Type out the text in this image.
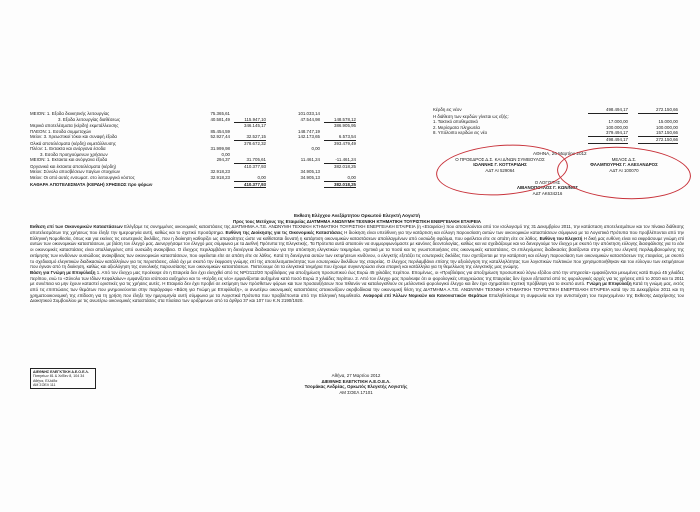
ΜΕΙΟΝ: 1. Εξοδα διοικητικής λειτουργίας	75.365,61	101.033,14
3. Εξοδα λειτουργίας διαθέσεως	40.581,49	115.947,10	47.544,98	148.578,12
Μερικά αποτελέσματα (κέρδη) εκμετάλλευσης	346.145,17	386.905,95
ΠΛΕΟΝ: 1. Εσοδα συμμετοχών	85.454,59	148.747,19
Μείον: 3. Χρεωστικοί τόκοι και συναφή έξοδα	52.927,44	32.527,15	142.173,65	6.573,54
Ολικά αποτελέσματα (κέρδη) εκμετάλλευσης	378.672,32	393.479,49
Πλέον: 1. Εκτακτα και ανόργανα έσοδα	31.999,98	0,00
3. Εσοδα προηγούμενων χρήσεων	0,00
ΜΕΙΟΝ: 1. Εκτακτα και ανόργανα έξοδα	294,37	31.705,61	11.461,24	-11.461,24
Οργανικά και έκτακτα αποτελέσματα (κέρδη)	410.377,93	382.018,25
Μείον: Σύνολο αποσβέσεων παγίων στοιχείων	32.918,23	34.905,13
Μείον: Οι από αυτές ενσωματ. στο λειτουργικό κόστος	32.918,23	0,00	34.905,13	0,00
ΚΑΘΑΡΑ ΑΠΟΤΕΛΕΣΜΑΤΑ (ΚΕΡΔΗ) ΧΡΗΣΕΩΣ προ φόρων	410.377,93	382.018,25
Κέρδη εις νέον	498.494,17	272.150,66
Η διάθεση των κερδών γίνεται ως εξής:
1. Τακτικό αποθεματικό	17.000,00	15.000,00
2. Μερίσματα πληρωτέα	100.000,00	100.000,00
8. Υπόλοιπο κερδών εις νέο	379.494,17	157.150,66
498.494,17	272.150,66
ΑΘΗΝΑ, 26 Μαρτίου 2012
Ο ΠΡΟΕΔΡΟΣ Δ.Σ. ΚΑΙ Δ/ΝΩΝ ΣΥΜΒΟΥΛΟΣ
ΙΩΑΝΝΗΣ Γ. ΚΟΤΤΑΡΙΔΗΣ
ΑΔΤ ΑΙ 529064
ΜΕΛΟΣ Δ.Σ.
ΦΛΑΜΠΟΥΡΗΣ Γ. ΑΛΕΞΑΝΔΡΟΣ
ΑΔΤ ΑΙ 100070
Ο ΛΟΓΙΣΤΗΣ
ΛΙΒΑΝΟΠΟΥΛΟΣ Γ. ΚΩΝ/ΝΟΣ
ΑΔΤ ΑΚ634216
Εκθεση Ελέγχου Ανεξάρτητου Ορκωτού Ελεγκτή Λογιστή
Προς τους Μετόχους της Εταιρείας ΔΙΑΤΜΗΜΑ ΑΝΩΝΥΜΗ ΤΕΧΝΙΚΗ ΚΤΗΜΑΤΙΚΗ ΤΟΥΡΙΣΤΙΚΗ ΕΝΕΡΓΕΙΑΚΗ ΕΤΑΙΡΕΙΑ

Εκθεση επί των Οικονομικών Καταστάσεων Ελέγξαμε τις συνημμένες οικονομικές καταστάσεις της ΔΙΑΤΜΗΜΑ Α.Τ.Ε. ΑΝΩΝΥΜΗ ΤΕΧΝΙΚΗ ΚΤΗΜΑΤΙΚΗ ΤΟΥΡΙΣΤΙΚΗ ΕΝΕΡΓΕΙΑΚΗ ΕΤΑΙΡΕΙΑ (η «Εταιρεία») που αποτελούνται από τον ισολογισμό της 31 Δεκεμβρίου 2011, την κατάσταση αποτελεσμάτων και τον πίνακα διάθεσης αποτελεσμάτων της χρήσεως που έληξε την ημερομηνία αυτή, καθώς και το σχετικό προσάρτημα. Ευθύνη της Διοίκησης για τις Οικονομικές Καταστάσεις Η διοίκηση είναι υπεύθυνη για την κατάρτιση και εύλογη παρουσίαση αυτών των οικονομικών καταστάσεων σύμφωνα με τα Λογιστικά Πρότυπα που προβλέπονται από την Ελληνική Νομοθεσία, όπως και για εκείνες τις εσωτερικές δικλίδες, που η διοίκηση καθορίζει ως απαραίτητες ώστε να καθίσταται δυνατή η κατάρτιση οικονομικών καταστάσεων απαλλαγμένων από ουσιώδη σφάλμα, που οφείλεται είτε σε απάτη είτε σε λάθος. Ευθύνη του Ελεγκτή Η δική μας ευθύνη είναι να εκφράσουμε γνώμη επί αυτών των οικονομικών καταστάσεων, με βάση τον έλεγχό μας. Διενεργήσαμε τον έλεγχό μας σύμφωνα με τα Διεθνή Πρότυπα της Ελεγκτικής. Τα Πρότυπα αυτά απαιτούν να συμμορφωνόμαστε με κανόνες δεοντολογίας, καθώς και να σχεδιάζουμε και να διενεργούμε τον έλεγχο με σκοπό την απόκτηση εύλογης διασφάλισης για το εάν οι οικονομικές καταστάσεις είναι απαλλαγμένες από ουσιώδη ανακρίβεια. Ο έλεγχος περιλαμβάνει τη διενέργεια διαδικασιών για την απόκτηση ελεγκτικών τεκμηρίων, σχετικά με τα ποσά και τις γνωστοποιήσεις στις οικονομικές καταστάσεις. Οι επιλεγόμενες διαδικασίες βασίζονται στην κρίση του ελεγκτή περιλαμβανομένης της εκτίμησης των κινδύνων ουσιώδους ανακρίβειας των οικονομικών καταστάσεων, που οφείλεται είτε σε απάτη είτε σε λάθος. Κατά τη διενέργεια αυτών των εκτιμήσεων κινδύνου, ο ελεγκτής εξετάζει τις εσωτερικές δικλίδες που σχετίζονται με την κατάρτιση και εύλογη παρουσίαση των οικονομικών καταστάσεων της εταιρείας, με σκοπό το σχεδιασμό ελεγκτικών διαδικασιών κατάλληλων για τις περιστάσεις, αλλά όχι με σκοπό την έκφραση γνώμης επί της αποτελεσματικότητας των εσωτερικών δικλίδων της εταιρείας. Ο έλεγχος περιλαμβάνει επίσης την αξιολόγηση της καταλληλότητας των λογιστικών πολιτικών που χρησιμοποιήθηκαν και του εύλογου των εκτιμήσεων που έγιναν από τη διοίκηση, καθώς και αξιολόγηση της συνολικής παρουσίασης των οικονομικών καταστάσεων. Πιστεύουμε ότι τα ελεγκτικά τεκμήρια που έχουμε συγκεντρώσει είναι επαρκή και κατάλληλα για τη θεμελίωση της ελεγκτικής μας γνώμης.

Βάση για Γνώμη με Επιφύλαξη 1. Από τον έλεγχο μας προέκυψε ότι η Εταιρεία δεν έχει ελεγχθεί από τις ΝΡ/2112/20 προβλέψεις για αποζημίωση προσωπικού έως Ευρώ 45 χιλιάδες περίπου. Επομένως, οι «Προβλέψεις για αποζημίωση προσωπικού λόγω εξόδου από την υπηρεσία» εμφανίζονται μειωμένες κατά Ευρώ 45 χιλιάδες περίπου, ενώ το «Σύνολο των Ιδίων Κεφαλαίων» εμφανίζεται ισόποσα αυξημένο και το «Κέρδη εις νέο» εμφανίζονται αυξημένα κατά ποσό Ευρώ 3 χιλιάδες περίπου. 2. Από τον έλεγχο μας προέκυψε ότι οι φορολογικές υποχρεώσεις της Εταιρείας δεν έχουν εξεταστεί από τις φορολογικές αρχές για τις χρήσεις από το 2010 και το 2011 με συνέπεια να μην έχουν καταστεί οριστικές για τις χρήσεις αυτές. Η Εταιρεία δεν έχει προβεί σε εκτίμηση των πρόσθετων φόρων και των προσαυξήσεων που πιθανόν να καταλογισθούν σε μελλοντικό φορολογικό έλεγχο και δεν έχει σχηματίσει σχετική πρόβλεψη για το σκοπό αυτό. Γνώμη με Επιφύλαξη Κατά τη γνώμη μας, εκτός από τις επιπτώσεις των θεμάτων που μνημονεύονται στην παράγραφο «Βάση για Γνώμη με Επιφύλαξη», οι ανωτέρω οικονομικές καταστάσεις απεικονίζουν ακριβοδίκαια την οικονομική θέση της ΔΙΑΤΜΗΜΑ Α.Τ.Ε. ΑΝΩΝΥΜΗ ΤΕΧΝΙΚΗ ΚΤΗΜΑΤΙΚΗ ΤΟΥΡΙΣΤΙΚΗ ΕΝΕΡΓΕΙΑΚΗ ΕΤΑΙΡΕΙΑ κατά την 31 Δεκεμβρίου 2011 και τη χρηματοοικονομική της επίδοση για τη χρήση που έληξε την ημερομηνία αυτή σύμφωνα με τα Λογιστικά Πρότυπα που προβλέπονται από την Ελληνική Νομοθεσία. Αναφορά επί Άλλων Νομικών και Κανονιστικών Θεμάτων Επαληθεύσαμε τη συμφωνία και την αντιστοίχιση του περιεχομένου της Εκθεσης Διαχείρισης του Διοικητικού Συμβουλίου με τις ανωτέρω οικονομικές καταστάσεις στα πλαίσια των οριζόμενων από τα άρθρα 37 και 107 του Κ.Ν 2190/1920.

Αθήνα, 27 Μαρτίου 2012
ΔΙΕΘΝΗΣ ΕΛΕΓΚΤΙΚΗ Α.Ε.Ο.Ε.Λ.
Τσομάκας Ανδρέας, Ορκωτός Ελεγκτής Λογιστής
ΑΜ ΣΟΕΛ 17101
ΔΙΕΘΝΗΣ ΕΛΕΓΚΤΙΚΗ Α.Ε.Ο.Ε.Λ.
Πατησίων 81 & Χεϊδεν 8, 104 34 Αθήνα, Ελλάδα
ΑΜ ΣΟΕΛ 111
